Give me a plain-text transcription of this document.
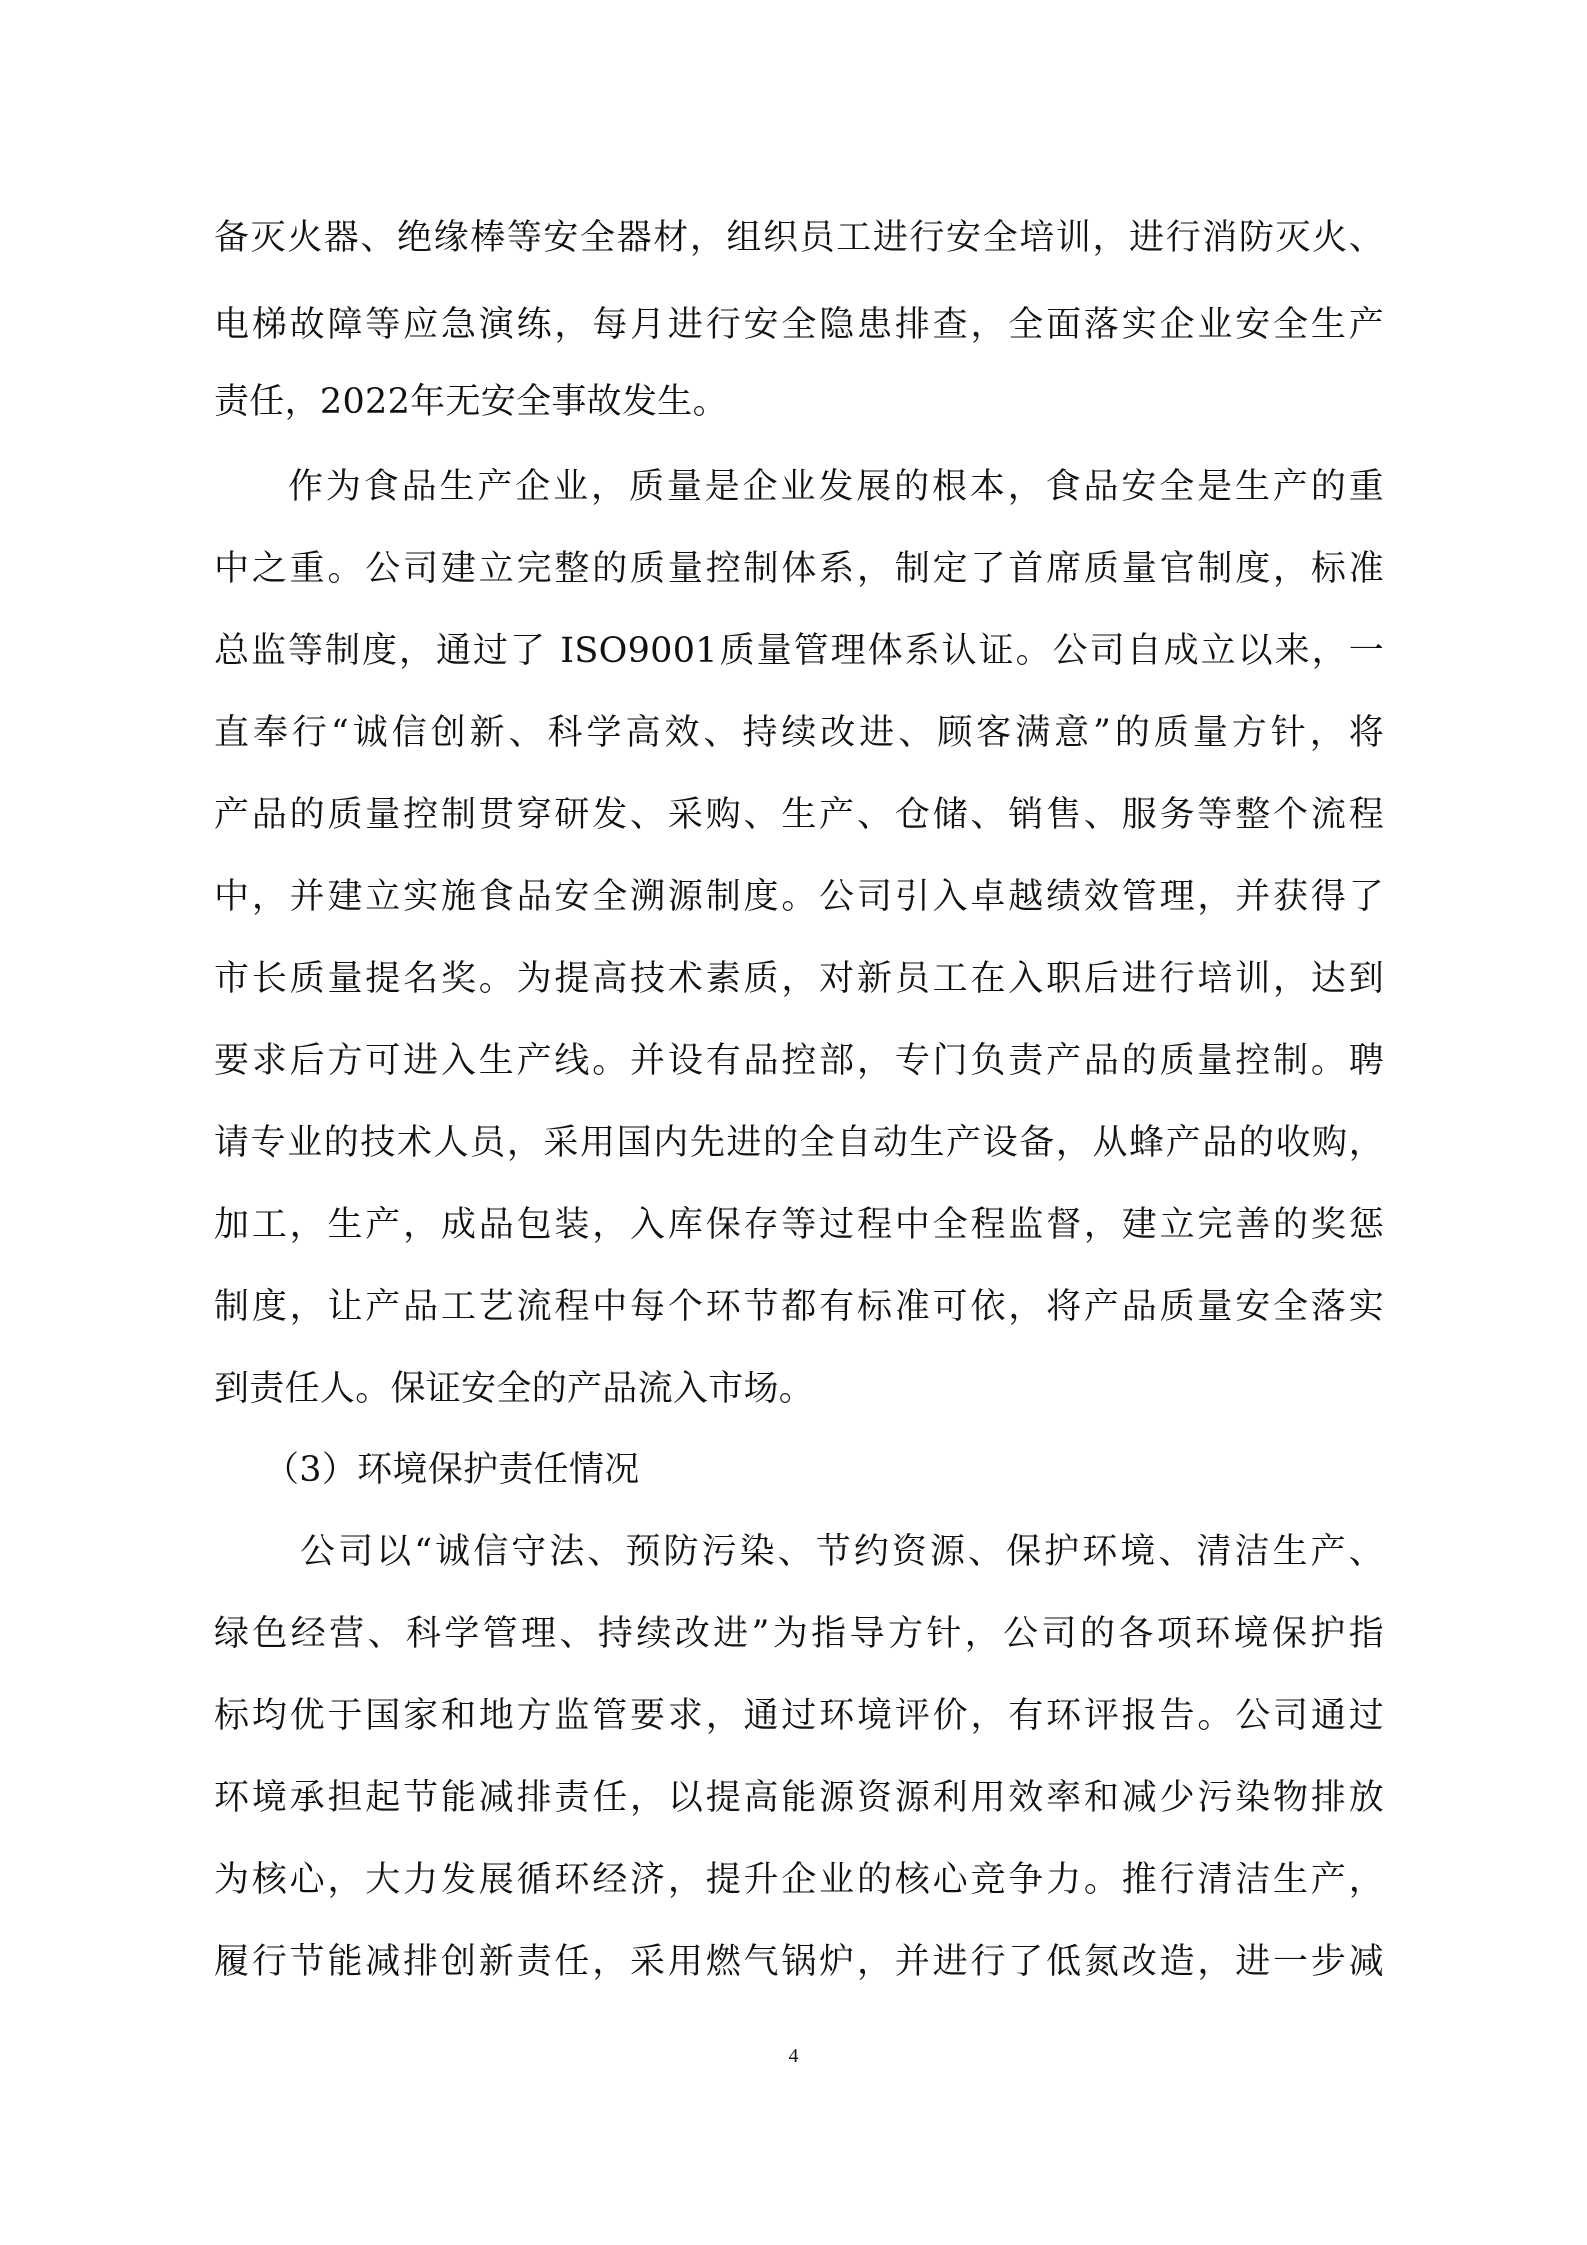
备灭火器、绝缘棒等安全器材，组织员工进行安全培训，进行消防灭火、
电梯故障等应急演练，每月进行安全隐患排查，全面落实企业安全生产
责任，2022年无安全事故发生。
作为食品生产企业，质量是企业发展的根本，食品安全是生产的重
中之重。公司建立完整的质量控制体系，制定了首席质量官制度，标准
总监等制度，通过了 ISO9001质量管理体系认证。公司自成立以来，一
直奉行“诚信创新、科学高效、持续改进、顾客满意”的质量方针，将
产品的质量控制贯穿研发、采购、生产、仓储、销售、服务等整个流程
中，并建立实施食品安全溯源制度。公司引入卓越绩效管理，并获得了
市长质量提名奖。为提高技术素质，对新员工在入职后进行培训，达到
要求后方可进入生产线。并设有品控部，专门负责产品的质量控制。聘
请专业的技术人员，采用国内先进的全自动生产设备，从蜂产品的收购，
加工，生产，成品包装，入库保存等过程中全程监督，建立完善的奖惩
制度，让产品工艺流程中每个环节都有标准可依，将产品质量安全落实
到责任人。保证安全的产品流入市场。
（3）环境保护责任情况
公司以“诚信守法、预防污染、节约资源、保护环境、清洁生产、
绿色经营、科学管理、持续改进”为指导方针，公司的各项环境保护指
标均优于国家和地方监管要求，通过环境评价，有环评报告。公司通过
环境承担起节能减排责任，以提高能源资源利用效率和减少污染物排放
为核心，大力发展循环经济，提升企业的核心竞争力。推行清洁生产，
履行节能减排创新责任，采用燃气锅炉，并进行了低氮改造，进一步减
4
